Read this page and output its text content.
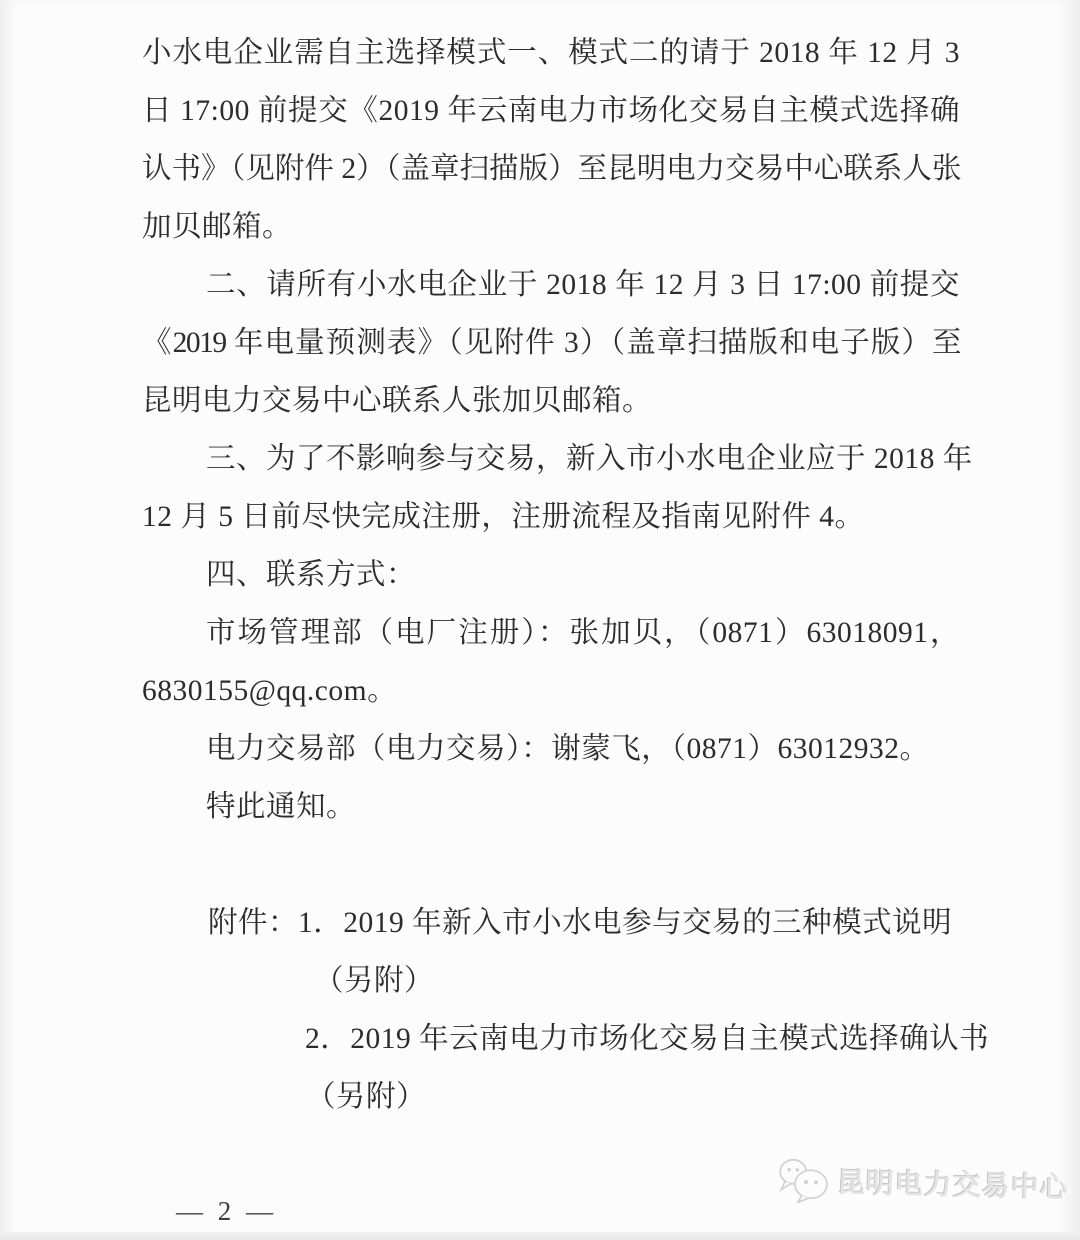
小水电企业需自主选择模式一、模式二的请于 2018 年 12 月 3
日 17:00 前提交《2019 年云南电力市场化交易自主模式选择确
认书》（见附件 2）（盖章扫描版）至昆明电力交易中心联系人张
加贝邮箱。
二、请所有小水电企业于 2018 年 12 月 3 日 17:00 前提交
《2019 年电量预测表》（见附件 3）（盖章扫描版和电子版）至
昆明电力交易中心联系人张加贝邮箱。
三、为了不影响参与交易，新入市小水电企业应于 2018 年
12 月 5 日前尽快完成注册，注册流程及指南见附件 4。
四、联系方式：
市场管理部（电厂注册）：张加贝，（0871）63018091，
6830155@qq.com。
电力交易部（电力交易）：谢蒙飞，（0871）63012932。
特此通知。
附件：1．2019 年新入市小水电参与交易的三种模式说明
（另附）
2．2019 年云南电力市场化交易自主模式选择确认书
（另附）
— 2 —
昆明电力交易中心
